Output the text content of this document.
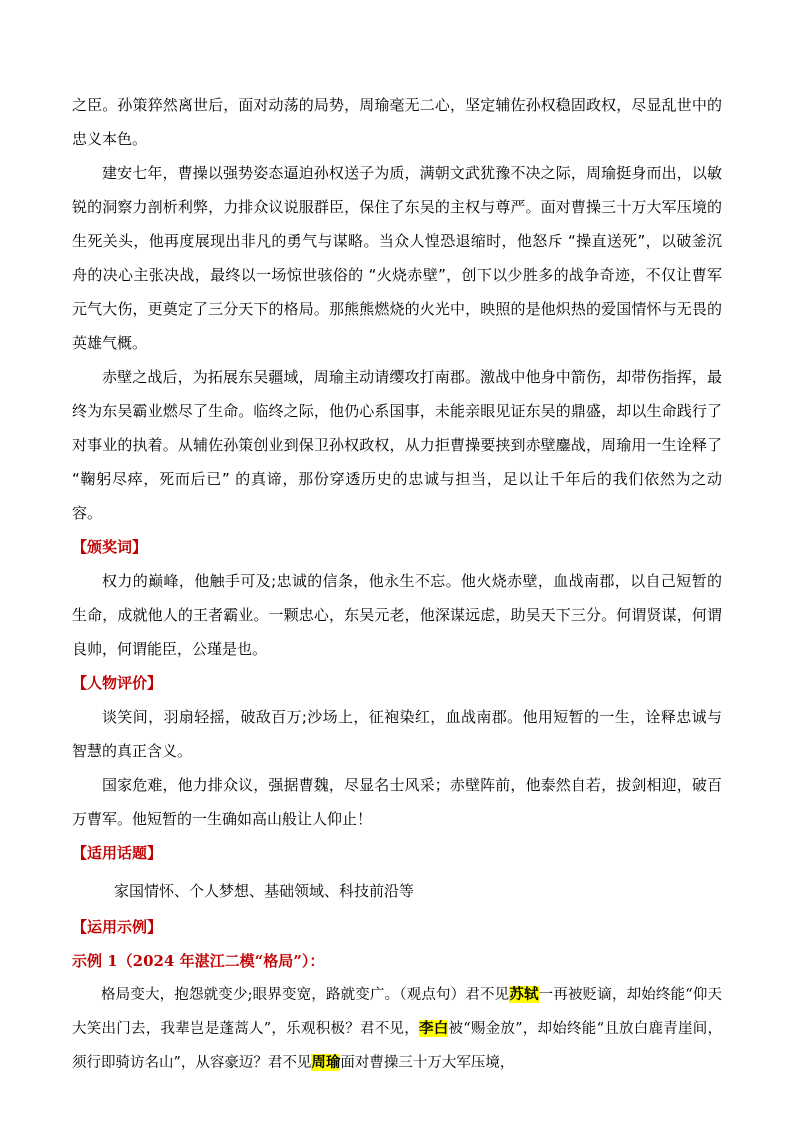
之臣。孙策猝然离世后，面对动荡的局势，周瑜毫无二心，坚定辅佐孙权稳固政权，尽显乱世中的忠义本色。

建安七年，曹操以强势姿态逼迫孙权送子为质，满朝文武犹豫不决之际，周瑜挺身而出，以敏锐的洞察力剖析利弊，力排众议说服群臣，保住了东吴的主权与尊严。面对曹操三十万大军压境的生死关头，他再度展现出非凡的勇气与谋略。当众人惶恐退缩时，他怒斥 “操直送死”，以破釜沉舟的决心主张决战，最终以一场惊世骇俗的 “火烧赤壁”，创下以少胜多的战争奇迹，不仅让曹军元气大伤，更奠定了三分天下的格局。那熊熊燃烧的火光中，映照的是他炽热的爱国情怀与无畏的英雄气概。

赤壁之战后，为拓展东吴疆域，周瑜主动请缨攻打南郡。激战中他身中箭伤，却带伤指挥，最终为东吴霸业燃尽了生命。临终之际，他仍心系国事，未能亲眼见证东吴的鼎盛，却以生命践行了对事业的执着。从辅佐孙策创业到保卫孙权政权，从力拒曹操要挟到赤壁鏖战，周瑜用一生诠释了 “鞠躬尽瘁，死而后已” 的真谛，那份穿透历史的忠诚与担当，足以让千年后的我们依然为之动容。

【颁奖词】

权力的巅峰，他触手可及;忠诚的信条，他永生不忘。他火烧赤壁，血战南郡，以自己短暂的生命，成就他人的王者霸业。一颗忠心，东吴元老，他深谋远虑，助吴天下三分。何谓贤谋，何谓良帅，何谓能臣，公瑾是也。

【人物评价】

谈笑间，羽扇轻摇，破敌百万;沙场上，征袍染红，血战南郡。他用短暂的一生，诠释忠诚与智慧的真正含义。

国家危难，他力排众议，强据曹魏，尽显名士风采；赤壁阵前，他泰然自若，拔剑相迎，破百万曹军。他短暂的一生确如高山般让人仰止！

【适用话题】

家国情怀、个人梦想、基础领域、科技前沿等

【运用示例】
示例 1（2024 年湛江二模“格局”）：

格局变大，抱怨就变少;眼界变宽，路就变广。（观点句）君不见苏轼一再被贬谪，却始终能“仰天大笑出门去，我辈岂是蓬蒿人”，乐观积极？君不见，李白被“赐金放”，却始终能“且放白鹿青崖间，须行即骑访名山”，从容豪迈？君不见周瑜面对曹操三十万大军压境，
